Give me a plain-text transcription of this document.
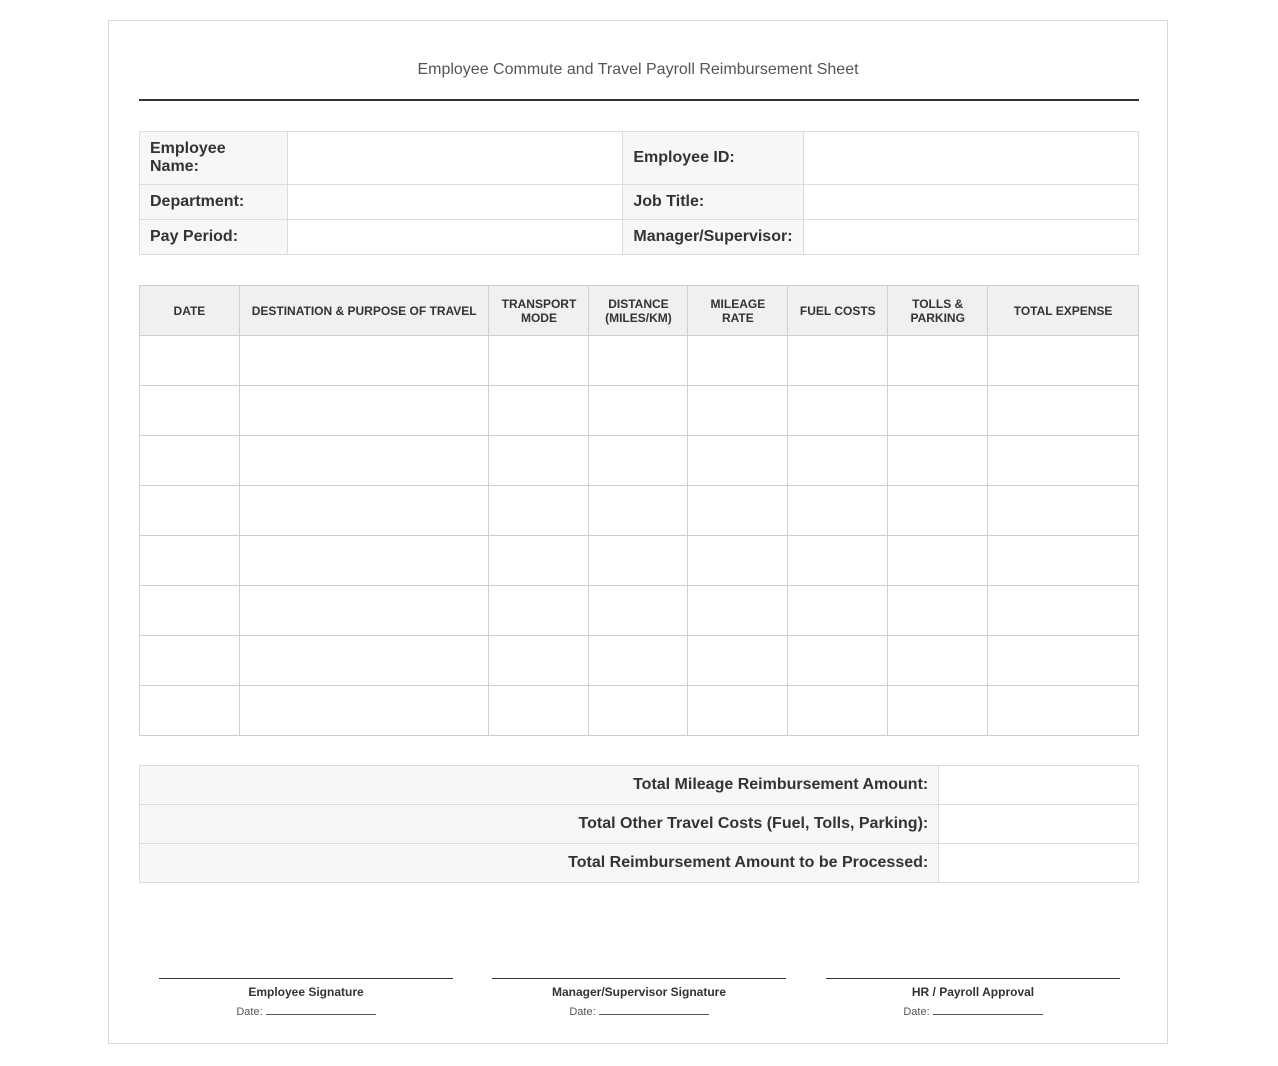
Employee Commute and Travel Payroll Reimbursement Sheet
Employee Name:		Employee ID:	
Department:		Job Title:	
Pay Period:		Manager/Supervisor:	
DATE	DESTINATION & PURPOSE OF TRAVEL	TRANSPORT MODE	DISTANCE (MILES/KM)	MILEAGE RATE	FUEL COSTS	TOLLS & PARKING	TOTAL EXPENSE

Total Mileage Reimbursement Amount:	
Total Other Travel Costs (Fuel, Tolls, Parking):	
Total Reimbursement Amount to be Processed:	
Employee Signature
Date:
Manager/Supervisor Signature
Date:
HR / Payroll Approval
Date:
